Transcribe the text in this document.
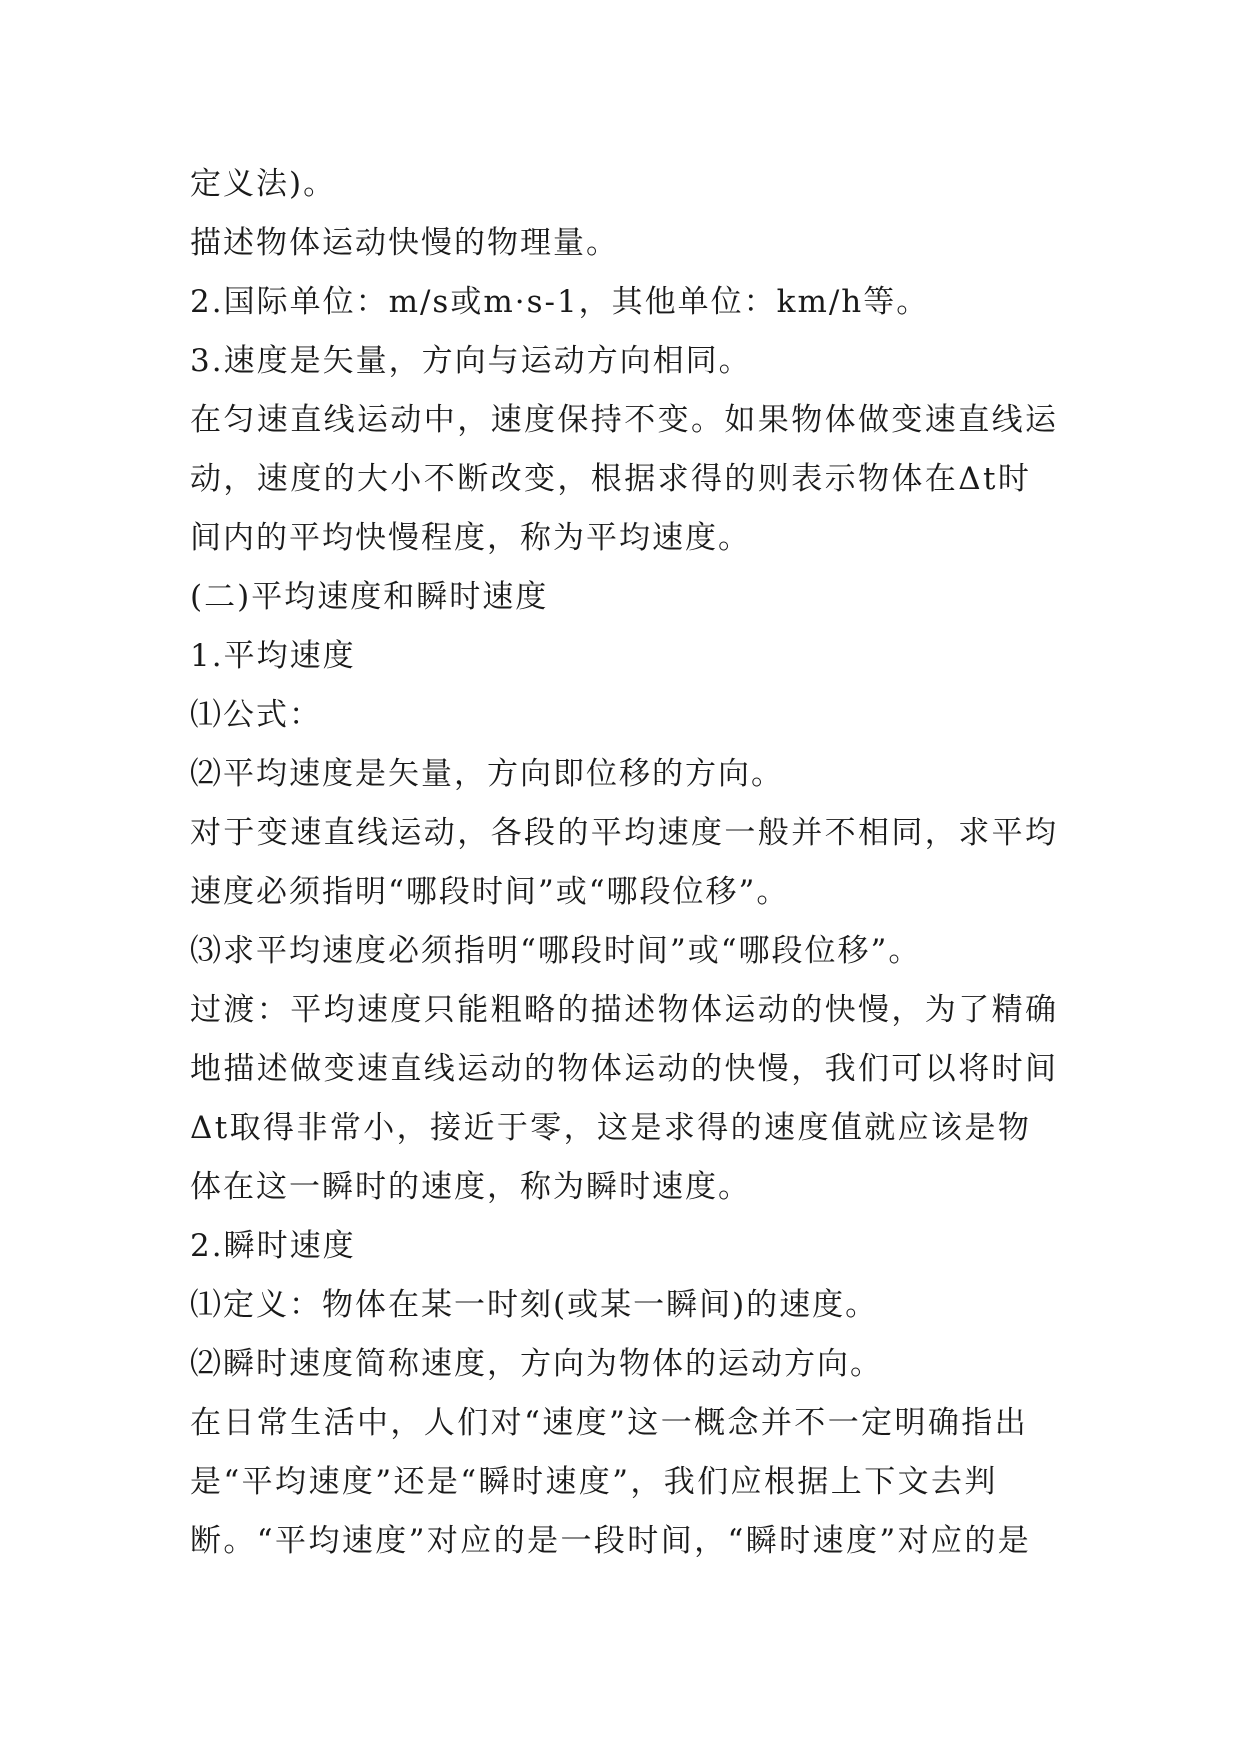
定义法)。
描述物体运动快慢的物理量。
2.国际单位：m/s或m·s-1，其他单位：km/h等。
3.速度是矢量，方向与运动方向相同。
在匀速直线运动中，速度保持不变。如果物体做变速直线运
动，速度的大小不断改变，根据求得的则表示物体在Δt时
间内的平均快慢程度，称为平均速度。
(二)平均速度和瞬时速度
1.平均速度
⑴公式：
⑵平均速度是矢量，方向即位移的方向。
对于变速直线运动，各段的平均速度一般并不相同，求平均
速度必须指明“哪段时间”或“哪段位移”。
⑶求平均速度必须指明“哪段时间”或“哪段位移”。
过渡：平均速度只能粗略的描述物体运动的快慢，为了精确
地描述做变速直线运动的物体运动的快慢，我们可以将时间
Δt取得非常小，接近于零，这是求得的速度值就应该是物
体在这一瞬时的速度，称为瞬时速度。
2.瞬时速度
⑴定义：物体在某一时刻(或某一瞬间)的速度。
⑵瞬时速度简称速度，方向为物体的运动方向。
在日常生活中，人们对“速度”这一概念并不一定明确指出
是“平均速度”还是“瞬时速度”，我们应根据上下文去判
断。“平均速度”对应的是一段时间，“瞬时速度”对应的是
